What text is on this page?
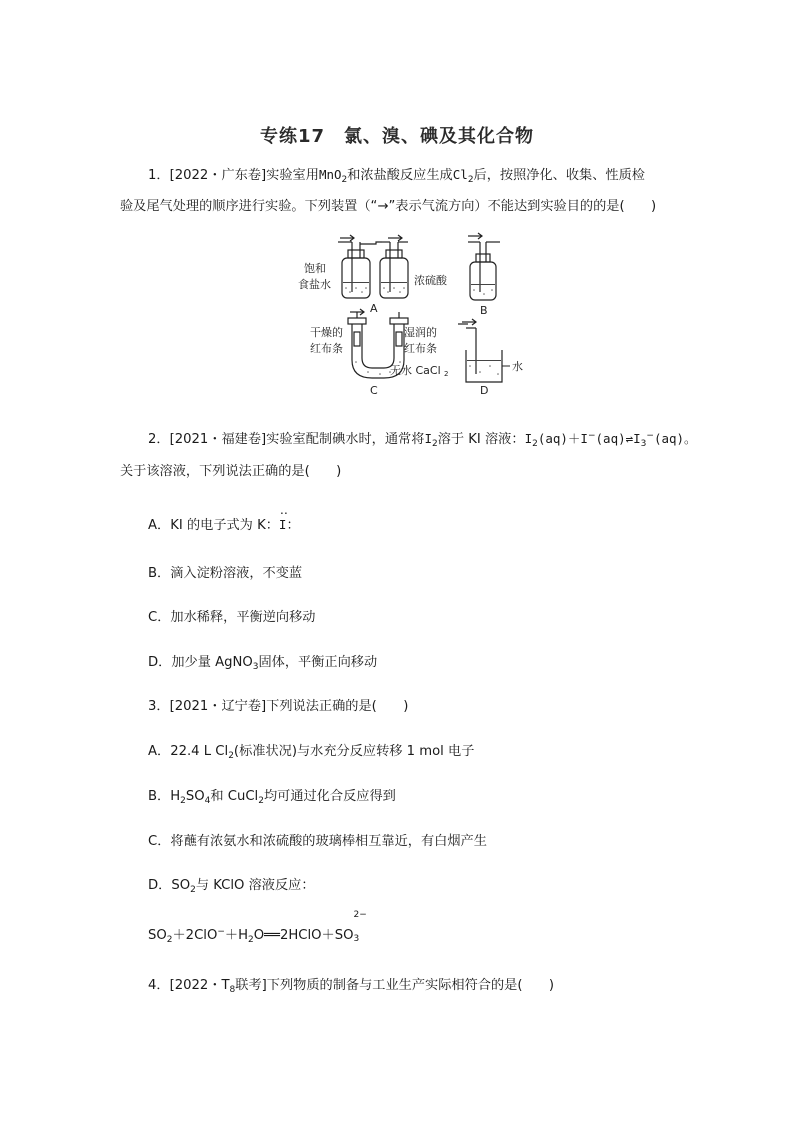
专练17　氯、溴、碘及其化合物
1．[2022・广东卷]实验室用MnO$_2$和浓盐酸反应生成$Cl_2$后，按照净化、收集、性质检
验及尾气处理的顺序进行实验。下列装置（“→”表示气流方向）不能达到实验目的的是(　　)
饱和
食盐水	浓硫酸
A	B
干燥的
红布条
湿润的
红布条
无水 CaCl 2
C
水
D
2．[2021・福建卷]实验室配制碘水时，通常将$I_2$溶于 KI 溶液：$I_2(aq)+I^-(aq)\rightleftharpoons I_3^-(aq)$。
关于该溶液，下列说法正确的是(　　)
A．KI 的电子式为 K：
‥
I：
B．滴入淀粉溶液，不变蓝
C．加水稀释，平衡逆向移动
D．加少量 AgNO$_3$固体，平衡正向移动
3．[2021・辽宁卷]下列说法正确的是(　　)
A．22.4 L $Cl_2$(标准状况)与水充分反应转移 1 mol 电子
B．$H_2SO_4$和 CuCl$_2$均可通过化合反应得到
C．将蘸有浓氨水和浓硫酸的玻璃棒相互靠近，有白烟产生
D．$SO_2$与 KClO 溶液反应：
$SO_2+2ClO^-+H_2O══2HClO+SO$
2−
3
4．[2022・$T_8$联考]下列物质的制备与工业生产实际相符合的是(　　)
